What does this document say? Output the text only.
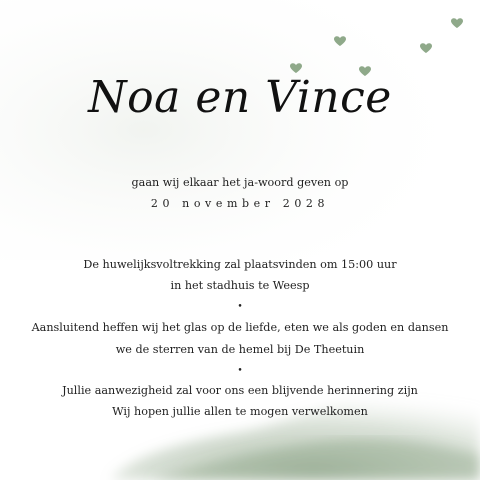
Noa en Vince
gaan wij elkaar het ja-woord geven op
20 november 2028
De huwelijksvoltrekking zal plaatsvinden om 15:00 uur
in het stadhuis te Weesp
•
Aansluitend heffen wij het glas op de liefde, eten we als goden en dansen
we de sterren van de hemel bij De Theetuin
•
Jullie aanwezigheid zal voor ons een blijvende herinnering zijn
Wij hopen jullie allen te mogen verwelkomen
